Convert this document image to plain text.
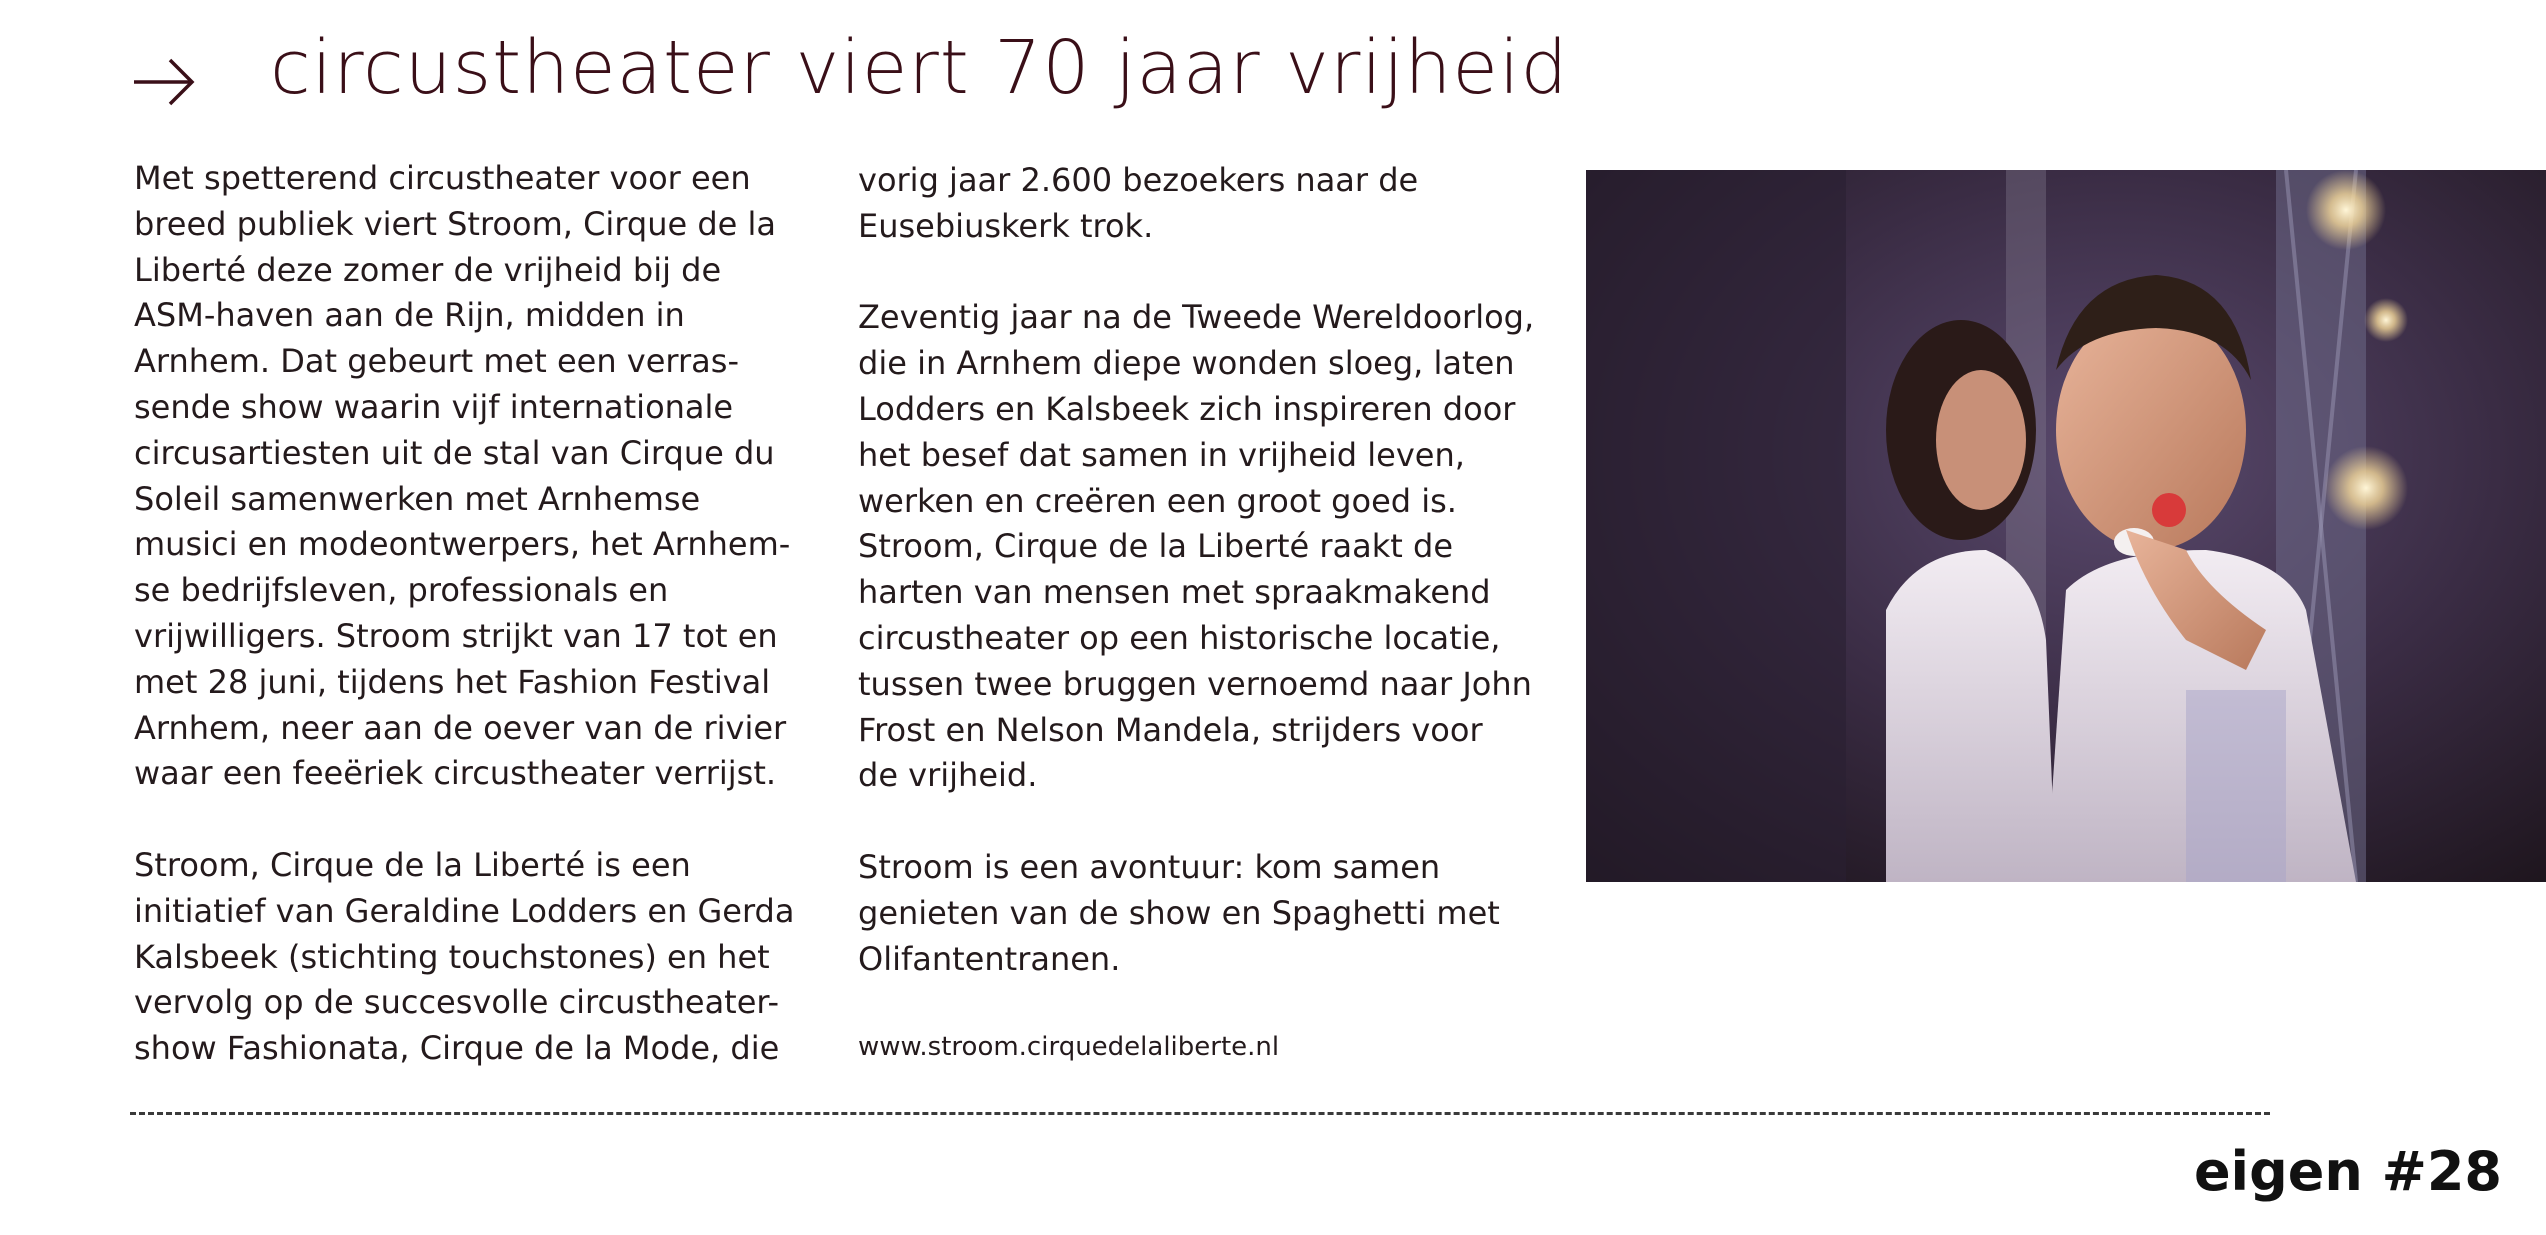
circustheater viert 70 jaar vrijheid
Met spetterend circustheater voor een
breed publiek viert Stroom, Cirque de la
Liberté deze zomer de vrijheid bij de
ASM-haven aan de Rijn, midden in
Arnhem. Dat gebeurt met een verras-
sende show waarin vijf internationale
circusartiesten uit de stal van Cirque du
Soleil samenwerken met Arnhemse
musici en modeontwerpers, het Arnhem-
se bedrijfsleven, professionals en
vrijwilligers. Stroom strijkt van 17 tot en
met 28 juni, tijdens het Fashion Festival
Arnhem, neer aan de oever van de rivier
waar een feeëriek circustheater verrijst.
Stroom, Cirque de la Liberté is een
initiatief van Geraldine Lodders en Gerda
Kalsbeek (stichting touchstones) en het
vervolg op de succesvolle circustheater-
show Fashionata, Cirque de la Mode, die
vorig jaar 2.600 bezoekers naar de
Eusebiuskerk trok.
Zeventig jaar na de Tweede Wereldoorlog,
die in Arnhem diepe wonden sloeg, laten
Lodders en Kalsbeek zich inspireren door
het besef dat samen in vrijheid leven,
werken en creëren een groot goed is.
Stroom, Cirque de la Liberté raakt de
harten van mensen met spraakmakend
circustheater op een historische locatie,
tussen twee bruggen vernoemd naar John
Frost en Nelson Mandela, strijders voor
de vrijheid.
Stroom is een avontuur: kom samen
genieten van de show en Spaghetti met
Olifantentranen.
www.stroom.cirquedelaliberte.nl
eigen #28
